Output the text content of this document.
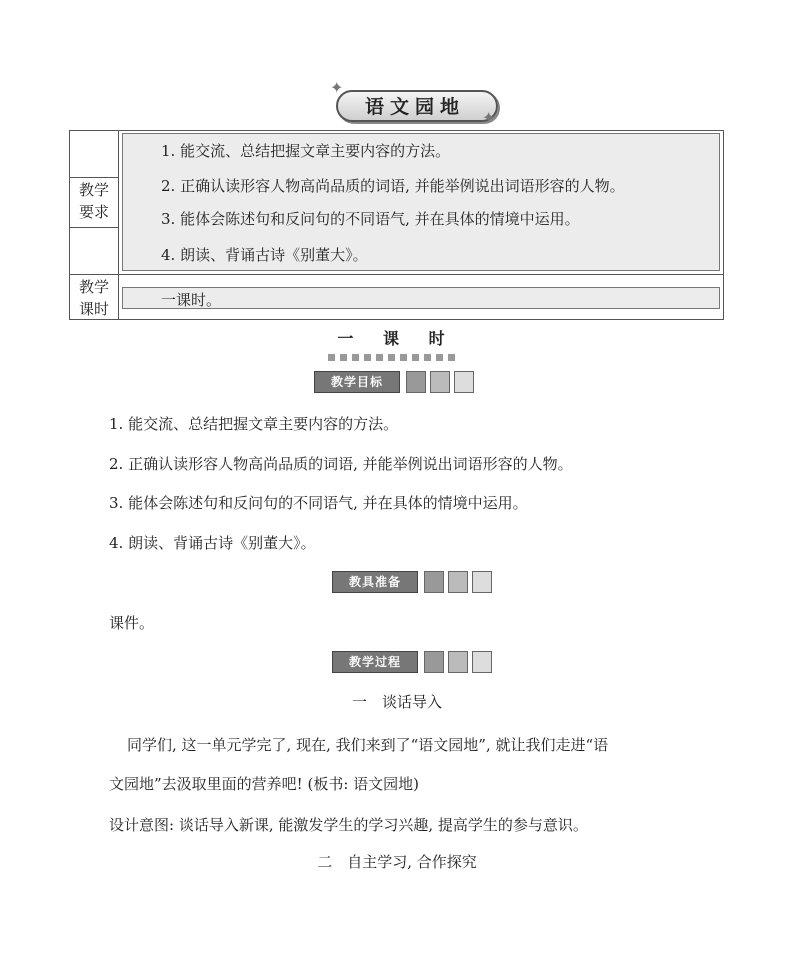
✦
✦
语文园地
教学要求
教学课时
1. 能交流、总结把握文章主要内容的方法。
2. 正确认读形容人物高尚品质的词语, 并能举例说出词语形容的人物。
3. 能体会陈述句和反问句的不同语气, 并在具体的情境中运用。
4. 朗读、背诵古诗《别董大》。
一课时。
一 课 时
教学目标
1. 能交流、总结把握文章主要内容的方法。
2. 正确认读形容人物高尚品质的词语, 并能举例说出词语形容的人物。
3. 能体会陈述句和反问句的不同语气, 并在具体的情境中运用。
4. 朗读、背诵古诗《别董大》。
教具准备
课件。
教学过程
一　谈话导入
同学们, 这一单元学完了, 现在, 我们来到了“语文园地”, 就让我们走进“语
文园地”去汲取里面的营养吧! (板书: 语文园地)
设计意图: 谈话导入新课, 能激发学生的学习兴趣, 提高学生的参与意识。
二　自主学习, 合作探究
